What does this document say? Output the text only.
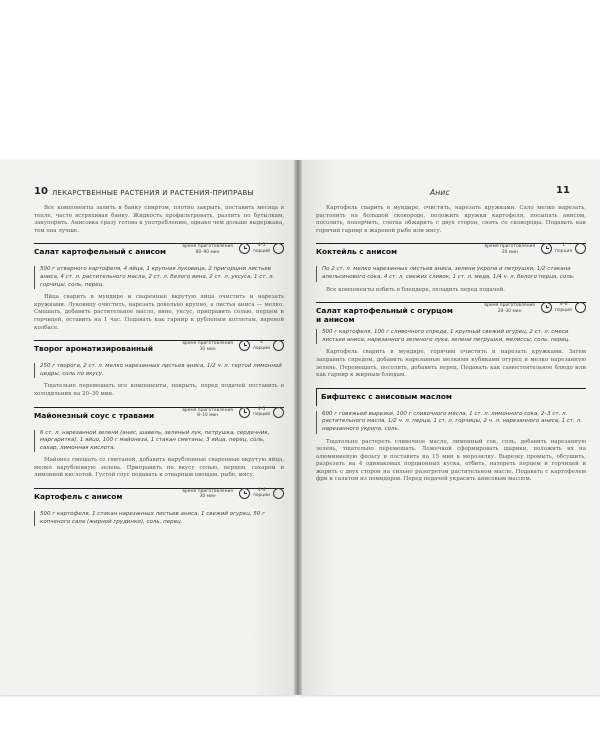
10 ЛЕКАРСТВЕННЫЕ РАСТЕНИЯ И РАСТЕНИЯ-ПРИПРАВЫ

Все компоненты залить в банку спиртом, плотно закрыть, поставить месяца в тепле, часто встряхивая банку. Жидкость профильтровать, разлить по бутылкам, закупорить. Анисовка сразу готова к употреблению, однако чем дольше выдержана, тем она лучше.

Салат картофельный с анисом
время приготовления
80–90 мин
4–5
порций
500 г отварного картофеля, 4 яйца, 1 крупная луковица, 2 пригоршни листьев аниса, 4 ст. л. растительного масла, 2 ст. л. белого вина, 2 ст. л. уксуса, 1 ст. л. горчицы, соль, перец.

Яйца сварить в мундире и сваренные вкрутую яйца очистить и нарезать кружками. Луковицу очистить, нарезать довольно крупно, а листья аниса — мелко. Смешать, добавить растительное масло, вино, уксус, приправить солью, перцем и горчицей, оставить на 1 час. Подавать как гарнир к рубленым котлетам, вареной колбасе.

Творог ароматизированный
время приготовления
30 мин
4
порции
250 г творога, 2 ст. л. мелко нарезанных листьев аниса, 1/2 ч. л. тертой лимонной цедры, соль по вкусу.

Тщательно перемешать все компоненты, накрыть, перед подачей поставить в холодильник на 20–30 мин.

Майонезный соус с травами
время приготовления
8–10 мин
4–5
порций
6 ст. л. нарезанной зелени (анис, шавель, зеленый лук, петрушка, сердечник, маргаритка), 1 яйцо, 100 г майонеза, 1 стакан сметаны, 3 яйца, перец, соль, сахар, лимонная кислота.

Майонез смешать со сметаной, добавить нарубленные сваренные вкрутую яйца, мелко нарубленную зелень. Приправить по вкусу солью, перцем, сахаром и лимонной кислотой. Густой соус подавать к отварным овощам, рыбе, мясу.

Картофель с анисом
время приготовления
30 мин
4–4
порции
500 г картофеля, 1 стакан нарезанных листьев аниса, 1 свежий огурец, 50 г копченого сала (жирной грудинки), соль, перец.
Анис	11

Картофель сварить в мундире, очистить, нарезать кружками. Сало мелко нарезать, растопить на большой сковороде, положить кружки картофеля, посыпать анисом, посолить, поперчить, слегка обжарить с двух сторон, снять со сковороды. Подавать как горячий гарнир к жареной рыбе или мясу.

Коктейль с анисом
время приготовления
20 мин
1
порция
По 2 ст. л. мелко нарезанных листьев аниса, зелени укропа и петрушки, 1/2 стакана апельсинового сока, 4 ст. л. свежих сливок, 1 ст. л. меда, 1/4 ч. л. белого перца, соль.

Все компоненты взбить в блендере, охладить перед подачей.

Салат картофельный с огурцом и анисом
время приготовления
20–30 мин
4–6
порций
500 г картофеля, 100 г сливочного спреда, 1 крупный свежий огурец, 2 ст. л. смеси листьев аниса, нарезанного зеленого лука, зелени петрушки, мелиссы, соль, перец.

Картофель сварить в мундире, горячим очистить и нарезать кружками. Затем заправить спредом, добавить нарезанные мелкими кубиками огурец и мелко нарезанную зелень. Перемешать, посолить, добавить перец. Подавать как самостоятельное блюдо или как гарнир к жирным блюдам.

Бифштекс с анисовым маслом
600 г говяжьей вырезки, 100 г сливочного масла, 1 ст. л. лимонного сока, 2–3 ст. л. растительного масла, 1/2 ч. л. перца, 1 ст. л. горчицы, 2 ч. л. нарезанного аниса, 1 ст. л. нарезанного укропа, соль.

Тщательно растереть сливочное масло, лимонный сок, соль, добавить нарезанную зелень, тщательно перемешать. Ложечкой сформировать шарики, положить их на алюминиевую фольгу и поставить на 15 мин в морозилку. Вырезку промыть, обсушить, разрезать на 4 одинаковых порционных куска, отбить, натереть перцем и горчицей и жарить с двух сторон на сильно разогретом растительном масле. Подавать с картофелем фри и салатом из помидоров. Перед подачей украсить анисовым маслом.
